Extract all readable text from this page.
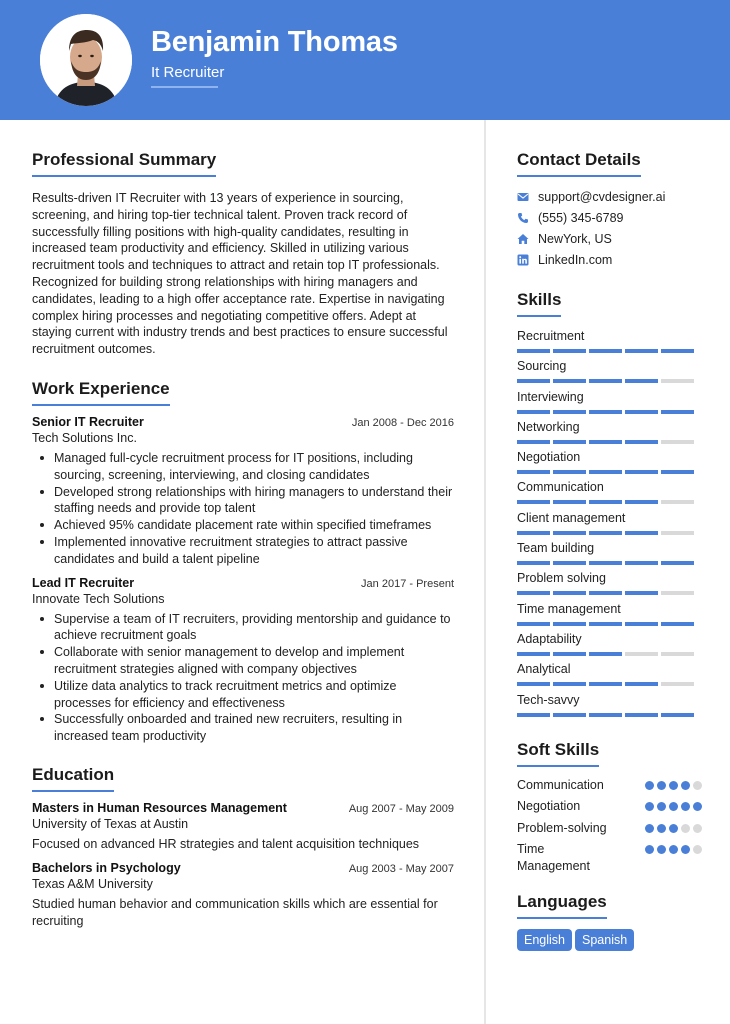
Benjamin Thomas
It Recruiter
Professional Summary

Results-driven IT Recruiter with 13 years of experience in sourcing, screening, and hiring top-tier technical talent. Proven track record of successfully filling positions with high-quality candidates, resulting in increased team productivity and efficiency. Skilled in utilizing various recruitment tools and techniques to attract and retain top IT professionals. Recognized for building strong relationships with hiring managers and candidates, leading to a high offer acceptance rate. Expertise in navigating complex hiring processes and negotiating competitive offers. Adept at staying current with industry trends and best practices to ensure successful recruitment outcomes.

Work Experience
Senior IT Recruiter	Jan 2008 - Dec 2016
Tech Solutions Inc.
Managed full-cycle recruitment process for IT positions, including sourcing, screening, interviewing, and closing candidates
Developed strong relationships with hiring managers to understand their staffing needs and provide top talent
Achieved 95% candidate placement rate within specified timeframes
Implemented innovative recruitment strategies to attract passive candidates and build a talent pipeline
Lead IT Recruiter	Jan 2017 - Present
Innovate Tech Solutions
Supervise a team of IT recruiters, providing mentorship and guidance to achieve recruitment goals
Collaborate with senior management to develop and implement recruitment strategies aligned with company objectives
Utilize data analytics to track recruitment metrics and optimize processes for efficiency and effectiveness
Successfully onboarded and trained new recruiters, resulting in increased team productivity
Education
Masters in Human Resources Management	Aug 2007 - May 2009
University of Texas at Austin

Focused on advanced HR strategies and talent acquisition techniques

Bachelors in Psychology	Aug 2003 - May 2007
Texas A&M University

Studied human behavior and communication skills which are essential for recruiting

Contact Details
support@cvdesigner.ai
(555) 345-6789
NewYork, US
LinkedIn.com
Skills
Recruitment
Sourcing
Interviewing
Networking
Negotiation
Communication
Client management
Team building
Problem solving
Time management
Adaptability
Analytical
Tech-savvy
Soft Skills
Communication
Negotiation
Problem-solving
Time Management
Languages
English Spanish
